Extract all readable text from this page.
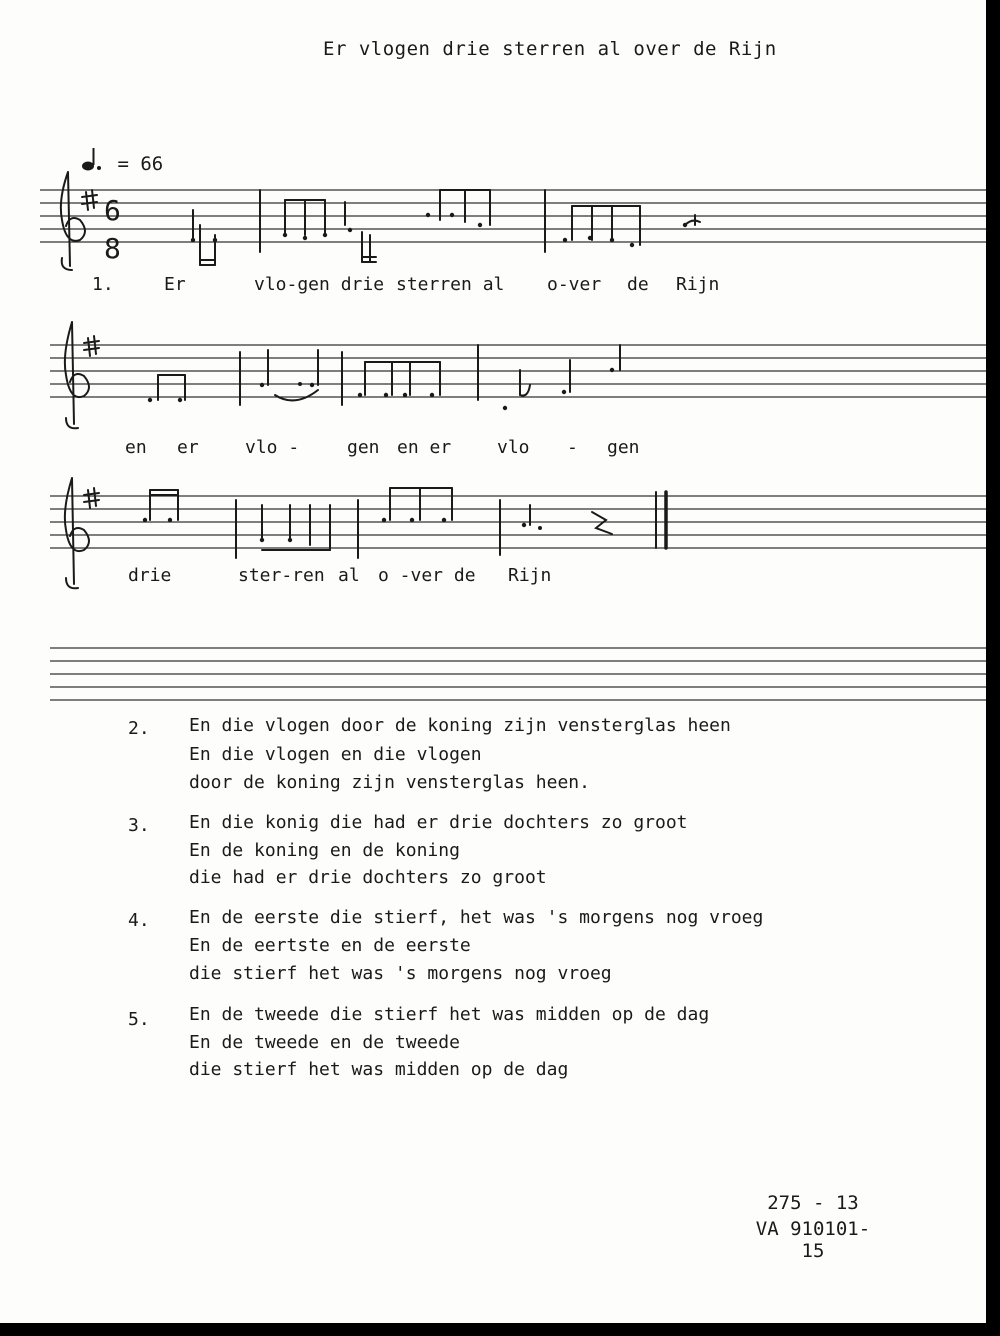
Er vlogen drie sterren al over de Rijn
= 66
6
8
1.	Er	vlo-gen drie sterren al o-ver de Rijn
en er	vlo -	gen en er	vlo - gen
drie	ster-ren al o -ver de Rijn
2. En die vlogen door de koning zijn vensterglas heen
En die vlogen en die vlogen
door de koning zijn vensterglas heen.
3. En die konig die had er drie dochters zo groot
En de koning en de koning
die had er drie dochters zo groot
4. En de eerste die stierf, het was 's morgens nog vroeg
En de eertste en de eerste
die stierf het was 's morgens nog vroeg
5. En de tweede die stierf het was midden op de dag
En de tweede en de tweede
die stierf het was midden op de dag
275 - 13
VA 910101-15
